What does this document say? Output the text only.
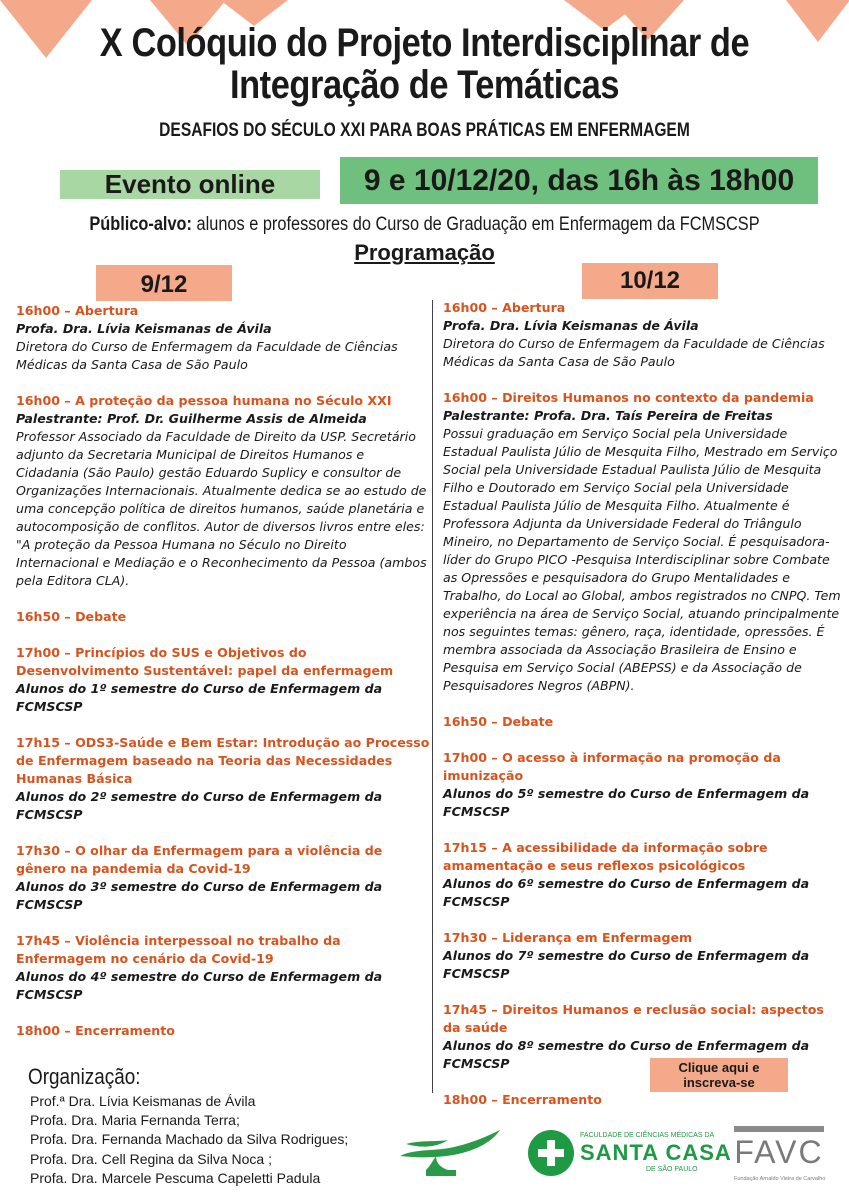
X Colóquio do Projeto Interdisciplinar de
Integração de Temáticas
DESAFIOS DO SÉCULO XXI PARA BOAS PRÁTICAS EM ENFERMAGEM
Evento online	9 e 10/12/20, das 16h às 18h00
Público-alvo: alunos e professores do Curso de Graduação em Enfermagem da FCMSCSP
Programação
9/12	10/12
16h00 – Abertura
Profa. Dra. Lívia Keismanas de Ávila
Diretora do Curso de Enfermagem da Faculdade de Ciências Médicas da Santa Casa de São Paulo
16h00 – A proteção da pessoa humana no Século XXI
Palestrante: Prof. Dr. Guilherme Assis de Almeida
Professor Associado da Faculdade de Direito da USP. Secretário adjunto da Secretaria Municipal de Direitos Humanos e Cidadania (São Paulo) gestão Eduardo Suplicy e consultor de Organizações Internacionais. Atualmente dedica se ao estudo de uma concepção política de direitos humanos, saúde planetária e autocomposição de conflitos. Autor de diversos livros entre eles: "A proteção da Pessoa Humana no Século no Direito Internacional e Mediação e o Reconhecimento da Pessoa (ambos pela Editora CLA).
16h50 – Debate
17h00 – Princípios do SUS e Objetivos do Desenvolvimento Sustentável: papel da enfermagem
Alunos do 1º semestre do Curso de Enfermagem da FCMSCSP
17h15 – ODS3-Saúde e Bem Estar: Introdução ao Processo de Enfermagem baseado na Teoria das Necessidades Humanas Básica
Alunos do 2º semestre do Curso de Enfermagem da FCMSCSP
17h30 – O olhar da Enfermagem para a violência de gênero na pandemia da Covid-19
Alunos do 3º semestre do Curso de Enfermagem da FCMSCSP
17h45 – Violência interpessoal no trabalho da Enfermagem no cenário da Covid-19
Alunos do 4º semestre do Curso de Enfermagem da FCMSCSP
18h00 – Encerramento
16h00 – Abertura
Profa. Dra. Lívia Keismanas de Ávila
Diretora do Curso de Enfermagem da Faculdade de Ciências Médicas da Santa Casa de São Paulo
16h00 – Direitos Humanos no contexto da pandemia
Palestrante: Profa. Dra. Taís Pereira de Freitas
Possui graduação em Serviço Social pela Universidade Estadual Paulista Júlio de Mesquita Filho, Mestrado em Serviço Social pela Universidade Estadual Paulista Júlio de Mesquita Filho e Doutorado em Serviço Social pela Universidade Estadual Paulista Júlio de Mesquita Filho. Atualmente é Professora Adjunta da Universidade Federal do Triângulo Mineiro, no Departamento de Serviço Social. É pesquisadora-líder do Grupo PICO -Pesquisa Interdisciplinar sobre Combate as Opressões e pesquisadora do Grupo Mentalidades e Trabalho, do Local ao Global, ambos registrados no CNPQ. Tem experiência na área de Serviço Social, atuando principalmente nos seguintes temas: gênero, raça, identidade, opressões. É membra associada da Associação Brasileira de Ensino e Pesquisa em Serviço Social (ABEPSS) e da Associação de Pesquisadores Negros (ABPN).
16h50 – Debate
17h00 – O acesso à informação na promoção da imunização
Alunos do 5º semestre do Curso de Enfermagem da FCMSCSP
17h15 – A acessibilidade da informação sobre amamentação e seus reflexos psicológicos
Alunos do 6º semestre do Curso de Enfermagem da FCMSCSP
17h30 – Liderança em Enfermagem
Alunos do 7º semestre do Curso de Enfermagem da FCMSCSP
17h45 – Direitos Humanos e reclusão social: aspectos da saúde
Alunos do 8º semestre do Curso de Enfermagem da FCMSCSP
18h00 – Encerramento
Clique aqui e
inscreva-se
Organização:
Prof.ª Dra. Lívia Keismanas de Ávila
Profa. Dra. Maria Fernanda Terra;
Profa. Dra. Fernanda Machado da Silva Rodrigues;
Profa. Dra. Cell Regina da Silva Noca ;
Profa. Dra. Marcele Pescuma Capeletti Padula
FACULDADE DE CIÊNCIAS MÉDICAS DA
SANTA CASA
DE SÃO PAULO FAVC
Fundação Arnaldo Vieira de Carvalho
